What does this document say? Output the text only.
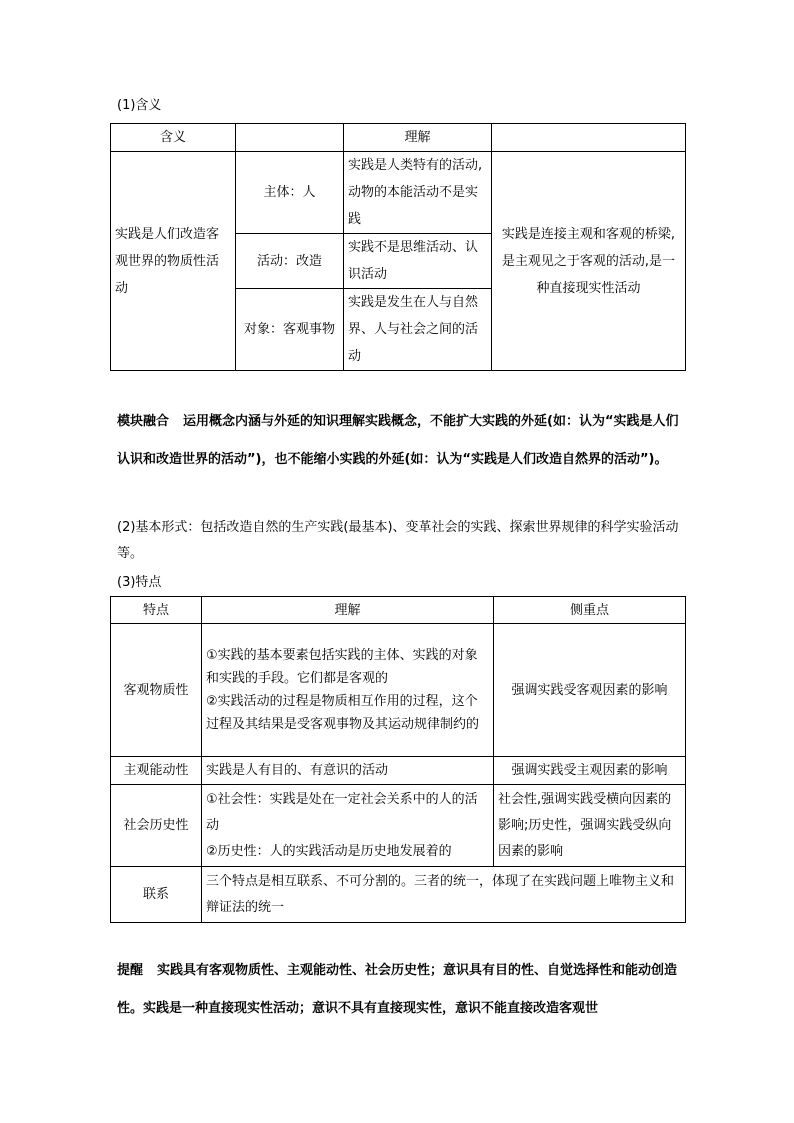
(1)含义
含义		理解	
实践是人们改造客观世界的物质性活动	主体：人	实践是人类特有的活动,动物的本能活动不是实践	实践是连接主观和客观的桥梁,是主观见之于客观的活动,是一种直接现实性活动
	活动：改造	实践不是思维活动、认识活动	
	对象：客观事物	实践是发生在人与自然界、人与社会之间的活动	
模块融合 运用概念内涵与外延的知识理解实践概念，不能扩大实践的外延(如：认为“实践是人们认识和改造世界的活动”)，也不能缩小实践的外延(如：认为“实践是人们改造自然界的活动”)。
(2)基本形式：包括改造自然的生产实践(最基本)、变革社会的实践、探索世界规律的科学实验活动等。
(3)特点
特点	理解	侧重点
客观物质性	①实践的基本要素包括实践的主体、实践的对象和实践的手段。它们都是客观的
②实践活动的过程是物质相互作用的过程，这个过程及其结果是受客观事物及其运动规律制约的	强调实践受客观因素的影响
主观能动性	实践是人有目的、有意识的活动	强调实践受主观因素的影响
社会历史性	①社会性：实践是处在一定社会关系中的人的活动
②历史性：人的实践活动是历史地发展着的	社会性,强调实践受横向因素的影响;历史性，强调实践受纵向因素的影响
联系	三个特点是相互联系、不可分割的。三者的统一，体现了在实践问题上唯物主义和辩证法的统一	
提醒 实践具有客观物质性、主观能动性、社会历史性；意识具有目的性、自觉选择性和能动创造性。实践是一种直接现实性活动；意识不具有直接现实性，意识不能直接改造客观世
